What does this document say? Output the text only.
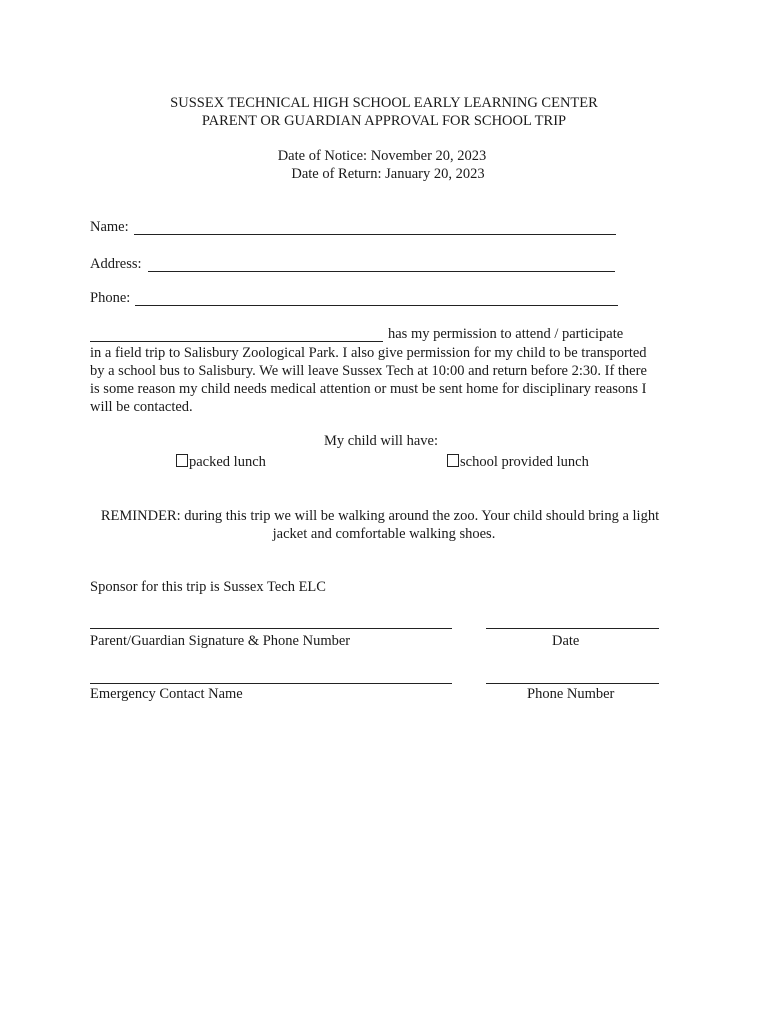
SUSSEX TECHNICAL HIGH SCHOOL EARLY LEARNING CENTER
PARENT OR GUARDIAN APPROVAL FOR SCHOOL TRIP
Date of Notice: November 20, 2023
Date of Return: January 20, 2023
Name:
Address:
Phone:
has my permission to attend / participate
in a field trip to Salisbury Zoological Park. I also give permission for my child to be transported
by a school bus to Salisbury. We will leave Sussex Tech at 10:00 and return before 2:30. If there
is some reason my child needs medical attention or must be sent home for disciplinary reasons I
will be contacted.
My child will have:
packed lunch	school provided lunch
REMINDER: during this trip we will be walking around the zoo. Your child should bring a light
jacket and comfortable walking shoes.
Sponsor for this trip is Sussex Tech ELC
Parent/Guardian Signature & Phone Number	Date
Emergency Contact Name	Phone Number
